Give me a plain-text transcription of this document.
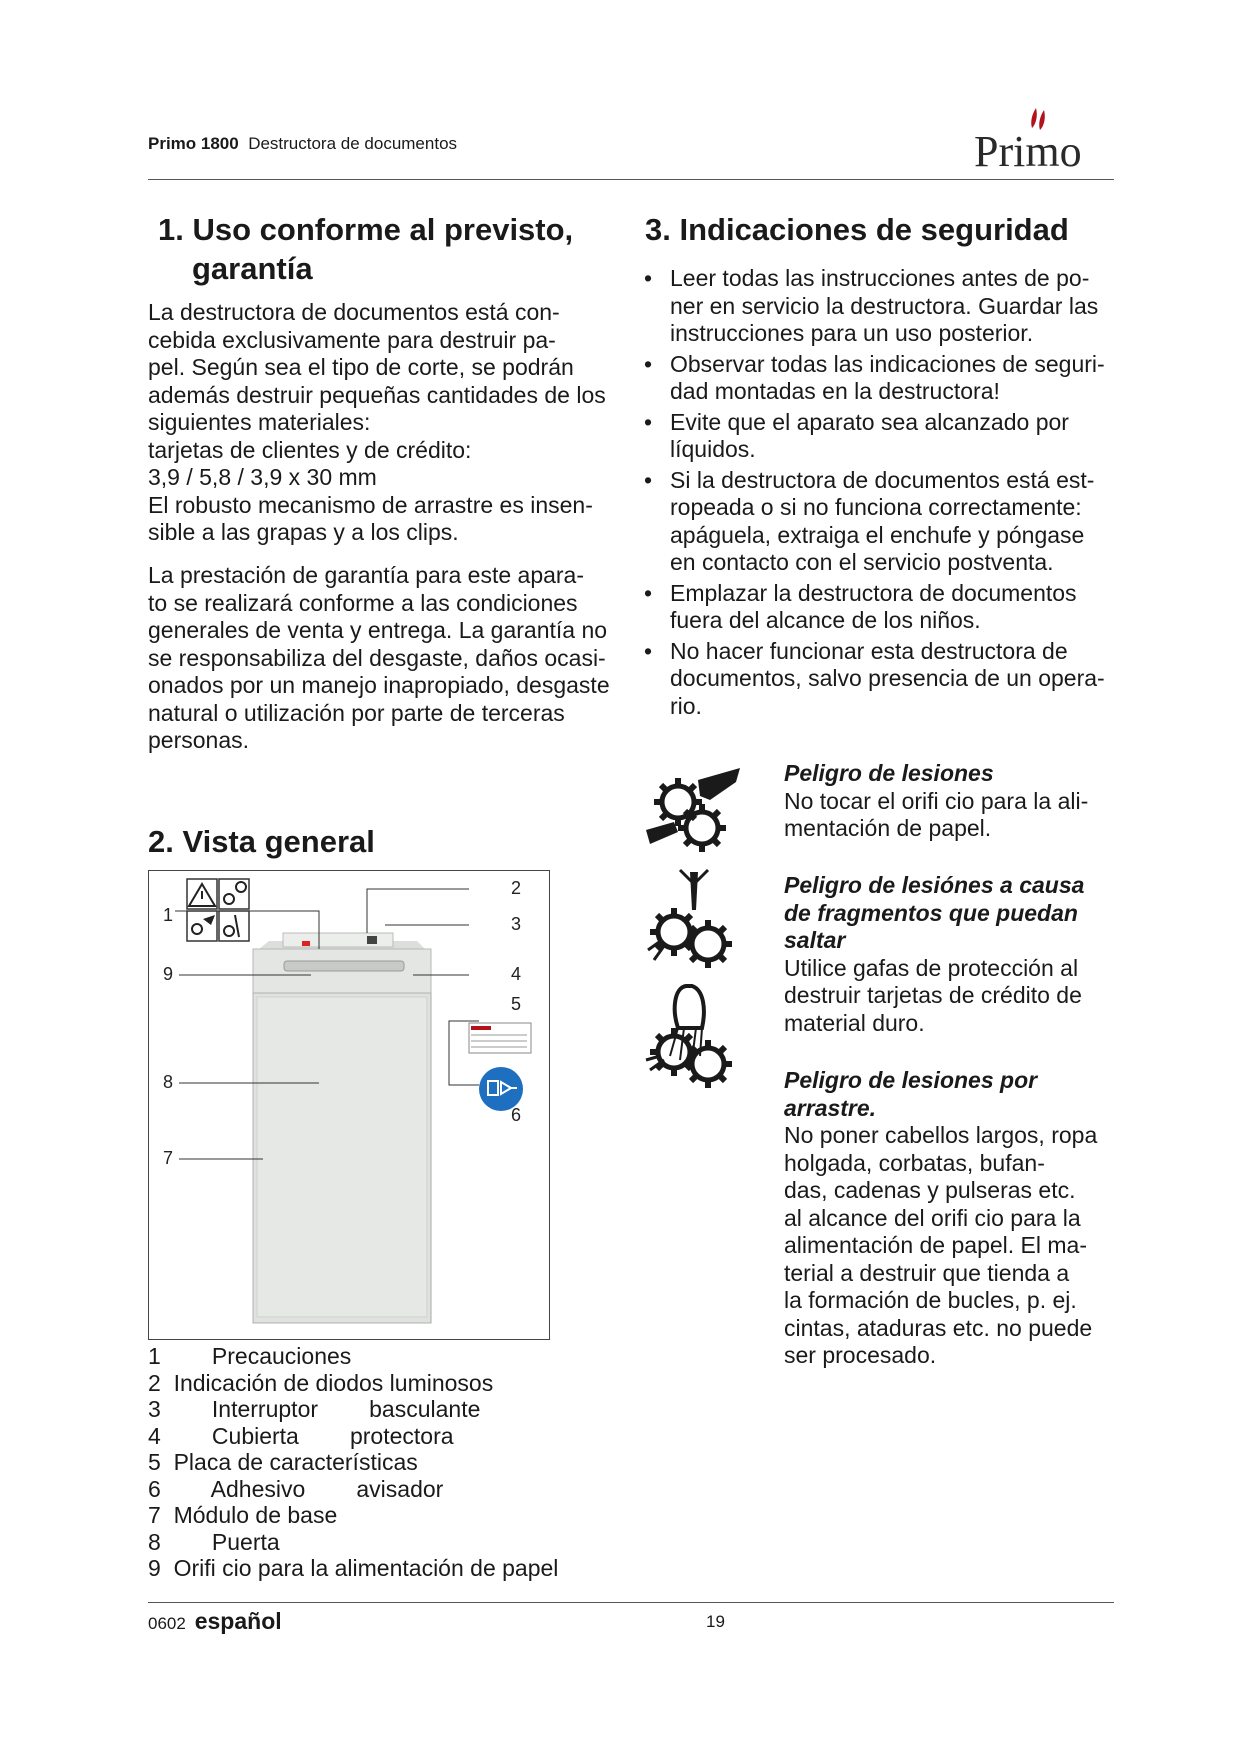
Primo 1800 Destructora de documentos	Primo
1. Uso conforme al previsto,
garantía

La destructora de documentos está con-

cebida exclusivamente para destruir pa-

pel. Según sea el tipo de corte, se podrán

además destruir pequeñas cantidades de los

siguientes materiales:

tarjetas de clientes y de crédito:

3,9 / 5,8 / 3,9 x 30 mm

El robusto mecanismo de arrastre es insen-

sible a las grapas y a los clips.

La prestación de garantía para este apara-

to se realizará conforme a las condiciones

generales de venta y entrega. La garantía no

se responsabiliza del desgaste, daños ocasi-

onados por un manejo inapropiado, desgaste

natural o utilización por parte de terceras

personas.

2. Vista general
1
2
3
4
5
6
7
8
9
1        Precauciones
2  Indicación de diodos luminosos
3        Interruptor        basculante
4        Cubierta        protectora
5  Placa de características
6        Adhesivo        avisador
7  Módulo de base
8        Puerta
9  Orifi cio para la alimentación de papel
3. Indicaciones de seguridad
• Leer todas las instrucciones antes de po-
ner en servicio la destructora. Guardar las
instrucciones para un uso posterior.
• Observar todas las indicaciones de seguri-
dad montadas en la destructora!
• Evite que el aparato sea alcanzado por
líquidos.
• Si la destructora de documentos está est-
ropeada o si no funciona correctamente:
apáguela, extraiga el enchufe y póngase
en contacto con el servicio postventa.
• Emplazar la destructora de documentos
fuera del alcance de los niños.
• No hacer funcionar esta destructora de
documentos, salvo presencia de un opera-
rio.
Peligro de lesiones
No tocar el orifi cio para la ali-
mentación de papel.
Peligro de lesiónes a causa
de fragmentos que puedan
saltar
Utilice gafas de protección al
destruir tarjetas de crédito de
material duro.
Peligro de lesiones por
arrastre.
No poner cabellos largos, ropa
holgada, corbatas, bufan-
das, cadenas y pulseras etc.
al alcance del orifi cio para la
alimentación de papel. El ma-
terial a destruir que tienda a
la formación de bucles, p. ej.
cintas, ataduras etc. no puede
ser procesado.
0602 español	19
